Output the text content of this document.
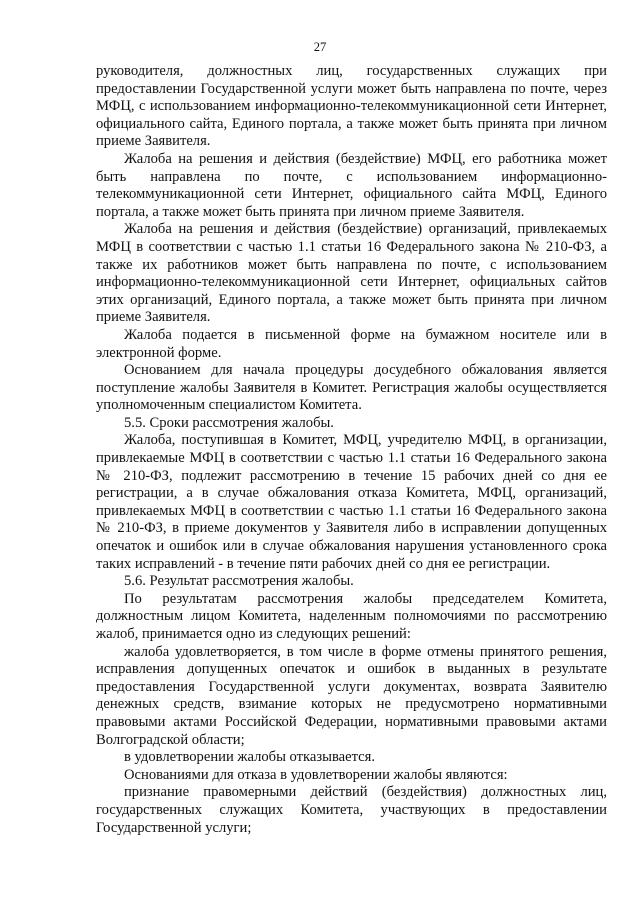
27

руководителя, должностных лиц, государственных служащих при предоставлении Государственной услуги может быть направлена по почте, через МФЦ, с использованием информационно-телекоммуникационной сети Интернет, официального сайта, Единого портала, а также может быть принята при личном приеме Заявителя.

Жалоба на решения и действия (бездействие) МФЦ, его работника может быть направлена по почте, с использованием информационно-телекоммуникационной сети Интернет, официального сайта МФЦ, Единого портала, а также может быть принята при личном приеме Заявителя.

Жалоба на решения и действия (бездействие) организаций, привлекаемых МФЦ в соответствии с частью 1.1 статьи 16 Федерального закона № 210-ФЗ, а также их работников может быть направлена по почте, с использованием информационно-телекоммуникационной сети Интернет, официальных сайтов этих организаций, Единого портала, а также может быть принята при личном приеме Заявителя.

Жалоба подается в письменной форме на бумажном носителе или в электронной форме.

Основанием для начала процедуры досудебного обжалования является поступление жалобы Заявителя в Комитет. Регистрация жалобы осуществляется уполномоченным специалистом Комитета.

5.5. Сроки рассмотрения жалобы.

Жалоба, поступившая в Комитет, МФЦ, учредителю МФЦ, в организации, привлекаемые МФЦ в соответствии с частью 1.1 статьи 16 Федерального закона № 210-ФЗ, подлежит рассмотрению в течение 15 рабочих дней со дня ее регистрации, а в случае обжалования отказа Комитета, МФЦ, организаций, привлекаемых МФЦ в соответствии с частью 1.1 статьи 16 Федерального закона № 210-ФЗ, в приеме документов у Заявителя либо в исправлении допущенных опечаток и ошибок или в случае обжалования нарушения установленного срока таких исправлений - в течение пяти рабочих дней со дня ее регистрации.

5.6. Результат рассмотрения жалобы.

По результатам рассмотрения жалобы председателем Комитета, должностным лицом Комитета, наделенным полномочиями по рассмотрению жалоб, принимается одно из следующих решений:

жалоба удовлетворяется, в том числе в форме отмены принятого решения, исправления допущенных опечаток и ошибок в выданных в результате предоставления Государственной услуги документах, возврата Заявителю денежных средств, взимание которых не предусмотрено нормативными правовыми актами Российской Федерации, нормативными правовыми актами Волгоградской области;

в удовлетворении жалобы отказывается.

Основаниями для отказа в удовлетворении жалобы являются:

признание правомерными действий (бездействия) должностных лиц, государственных служащих Комитета, участвующих в предоставлении Государственной услуги;
